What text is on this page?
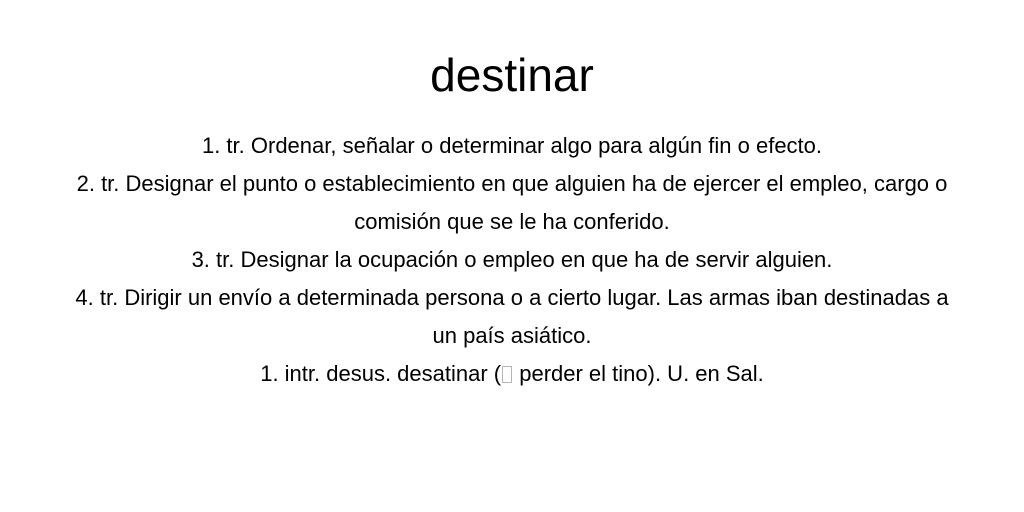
destinar
1. tr. Ordenar, señalar o determinar algo para algún fin o efecto.
2. tr. Designar el punto o establecimiento en que alguien ha de ejercer el empleo, cargo o comisión que se le ha conferido.
3. tr. Designar la ocupación o empleo en que ha de servir alguien.
4. tr. Dirigir un envío a determinada persona o a cierto lugar. Las armas iban destinadas a un país asiático.
1. intr. desus. desatinar ( perder el tino). U. en Sal.
